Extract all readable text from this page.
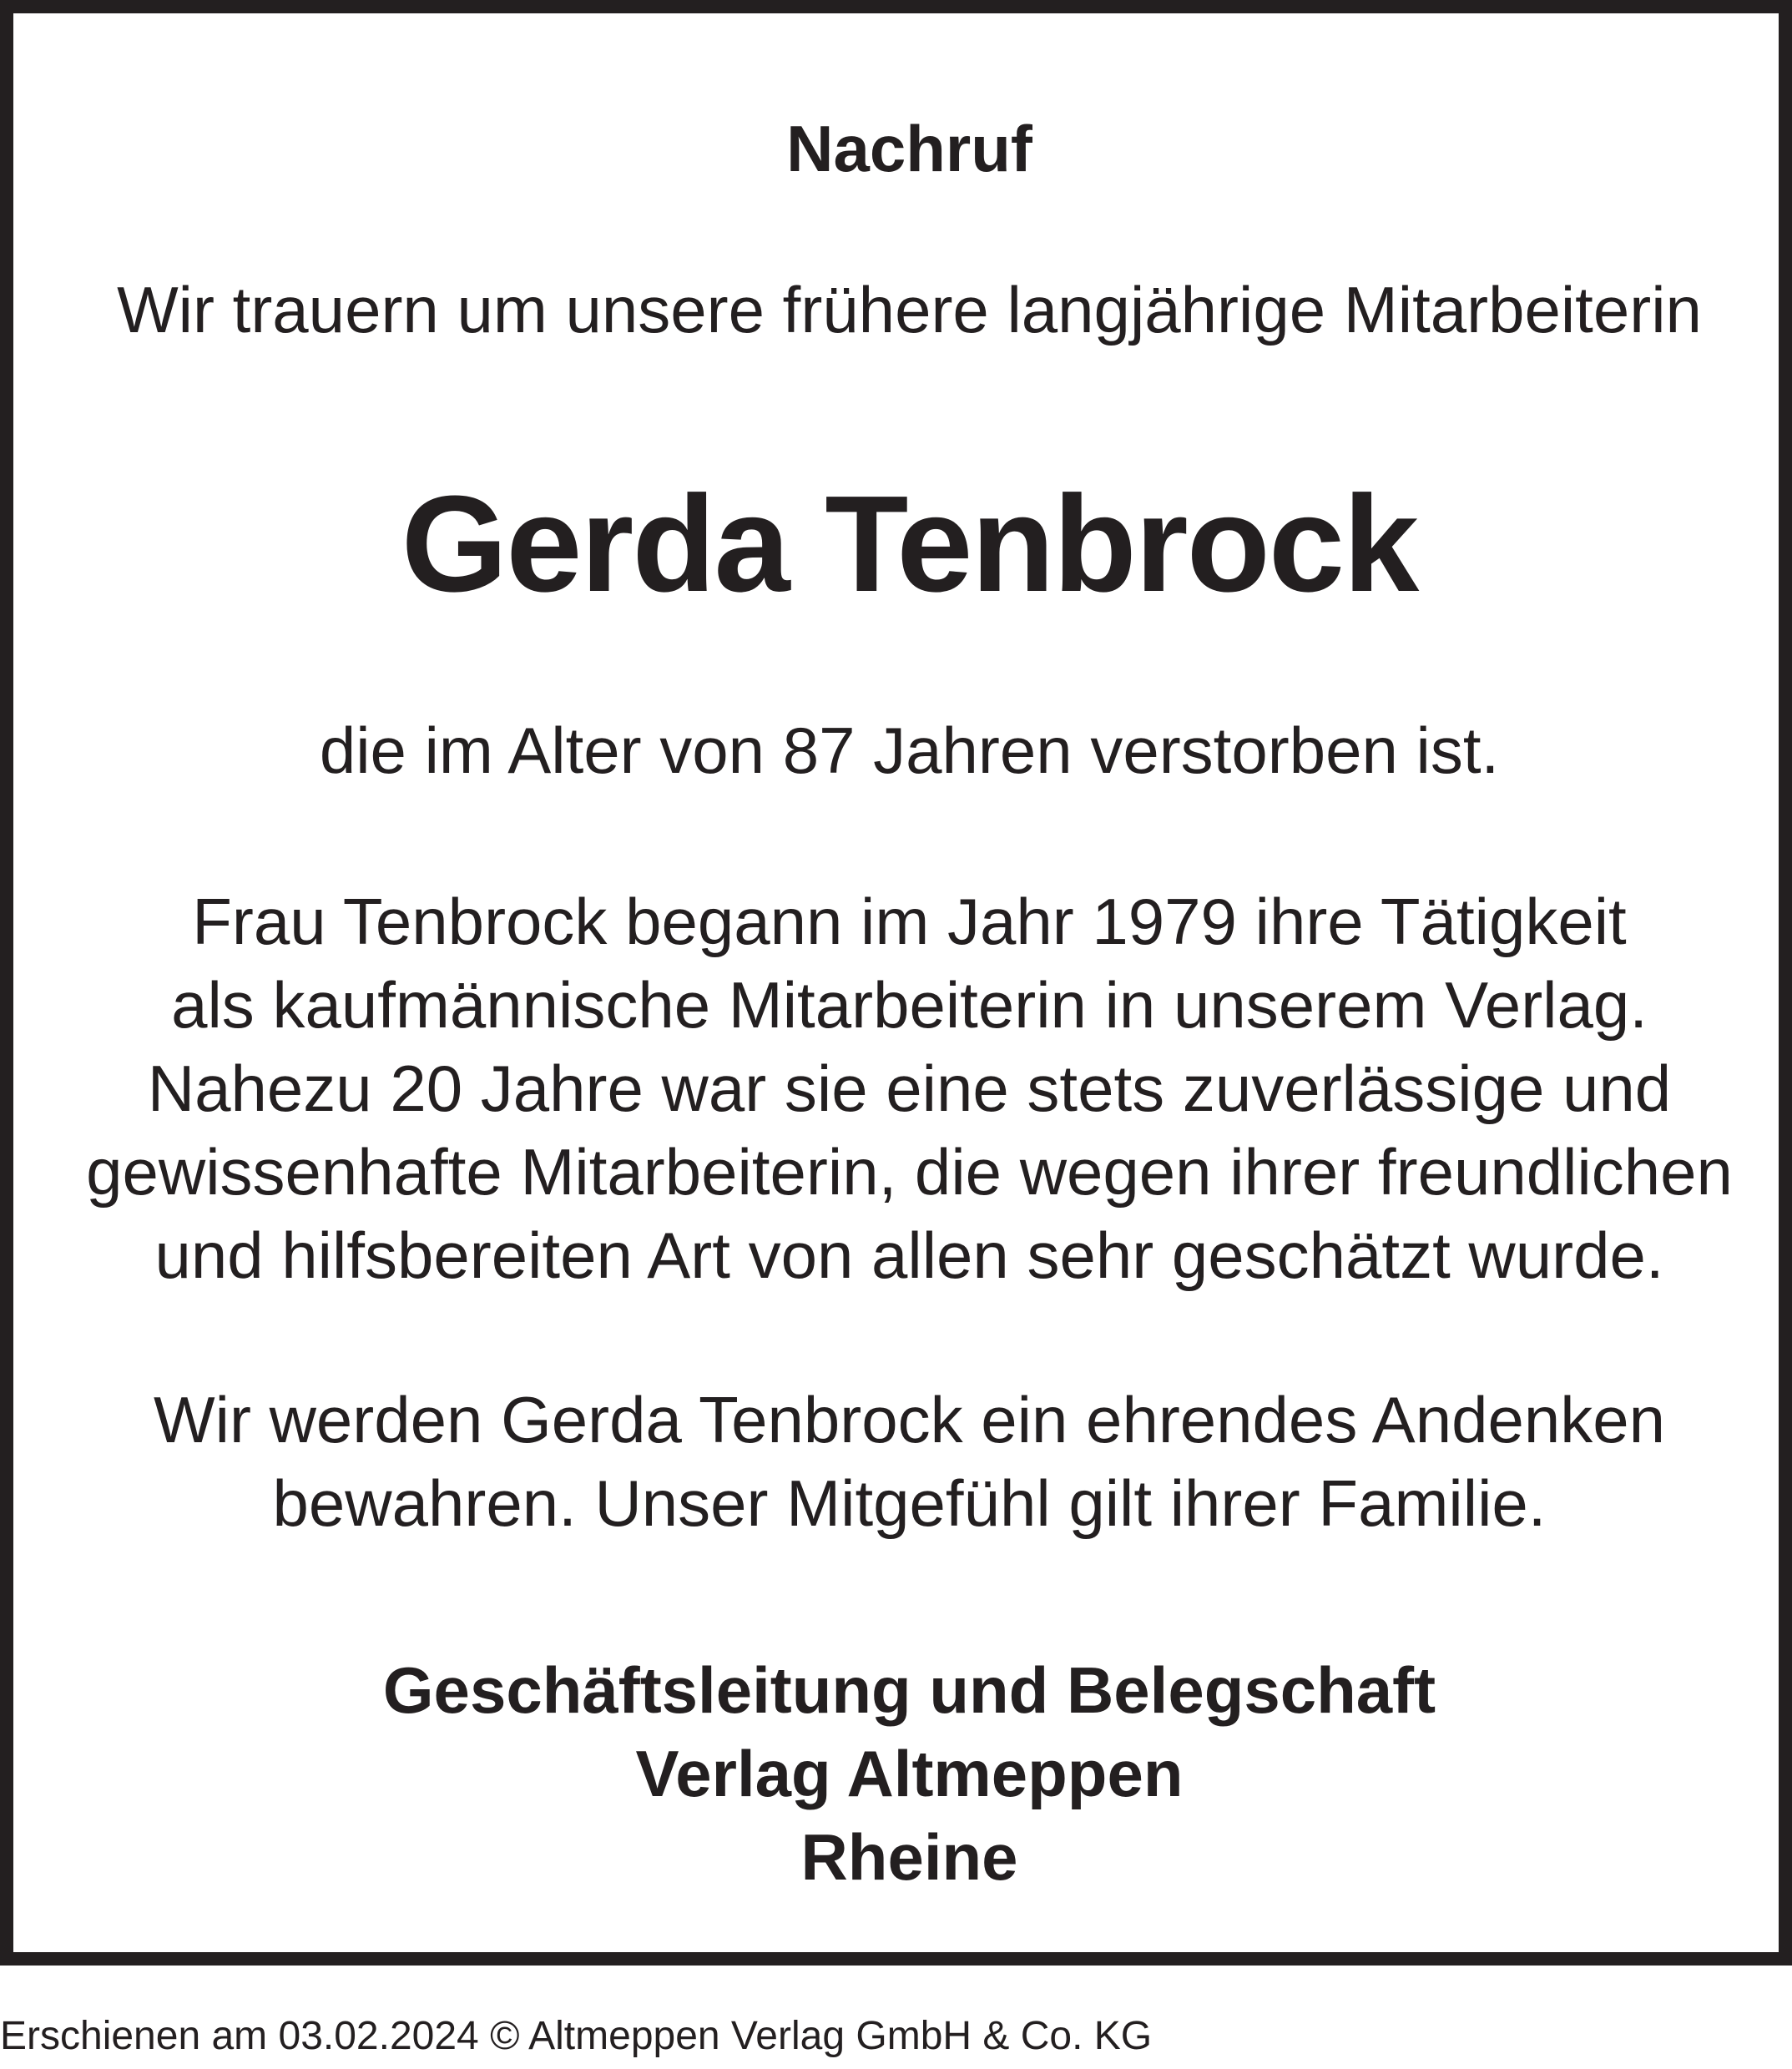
Nachruf
Wir trauern um unsere frühere langjährige Mitarbeiterin
Gerda Tenbrock
die im Alter von 87 Jahren verstorben ist.
Frau Tenbrock begann im Jahr 1979 ihre Tätigkeit
als kaufmännische Mitarbeiterin in unserem Verlag.
Nahezu 20 Jahre war sie eine stets zuverlässige und
gewissenhafte Mitarbeiterin, die wegen ihrer freundlichen
und hilfsbereiten Art von allen sehr geschätzt wurde.
Wir werden Gerda Tenbrock ein ehrendes Andenken
bewahren. Unser Mitgefühl gilt ihrer Familie.
Geschäftsleitung und Belegschaft
Verlag Altmeppen
Rheine
Erschienen am 03.02.2024 © Altmeppen Verlag GmbH & Co. KG
